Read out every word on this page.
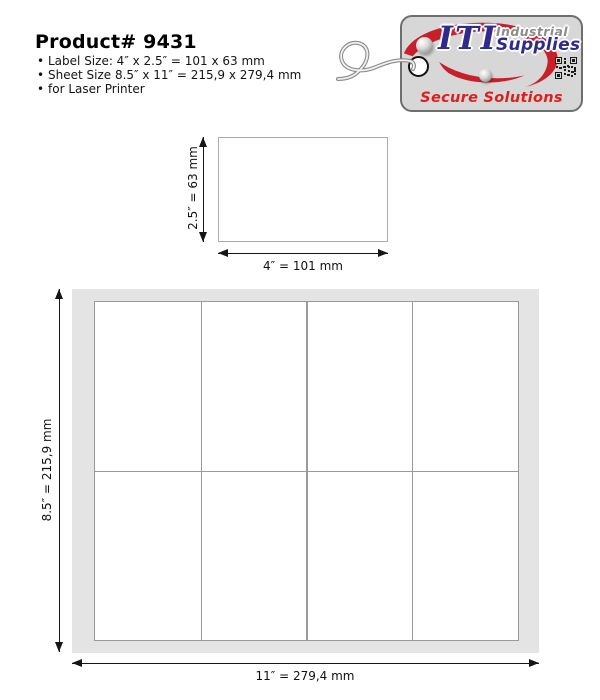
Product# 9431
• Label Size: 4″ x 2.5″ = 101 x 63 mm
• Sheet Size 8.5″ x 11″ = 215,9 x 279,4 mm
• for Laser Printer
ITI
Industrial
Supplies
Secure Solutions
2.5″ = 63 mm
4″ = 101 mm
8.5″ = 215,9 mm
11″ = 279,4 mm
